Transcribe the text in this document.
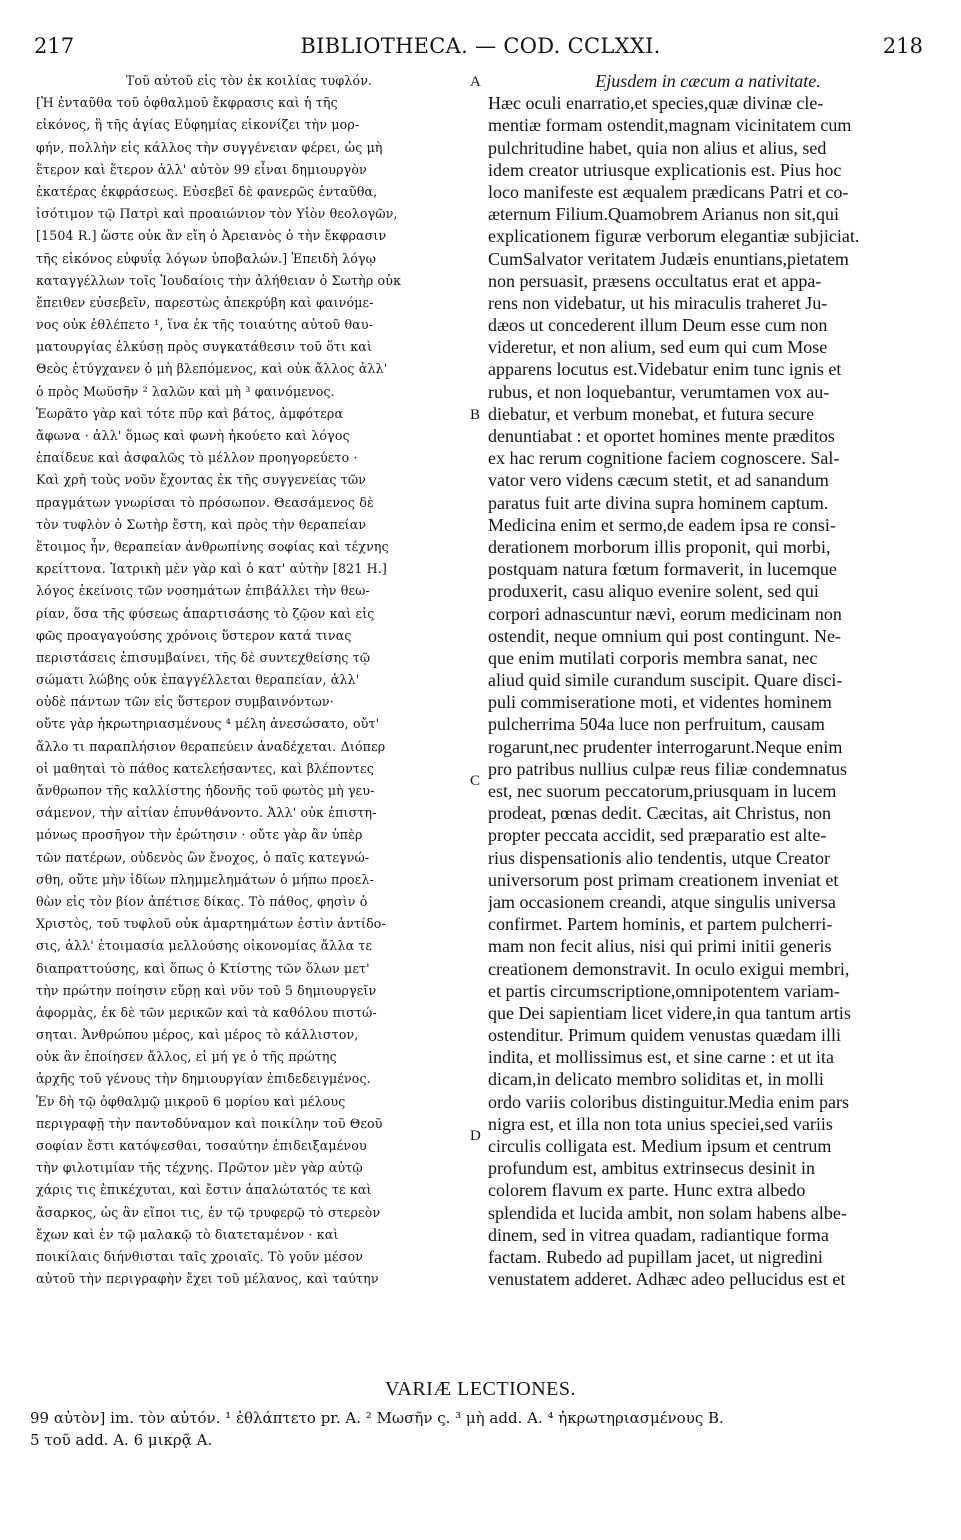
217	BIBLIOTHECA. — COD. CCLXXI.	218
Τοῦ αὐτοῦ εἰς τὸν ἐκ κοιλίας τυφλόν.
[Ἡ ἐνταῦθα τοῦ ὀφθαλμοῦ ἔκφρασις καὶ ἡ τῆς
εἰκόνος, ἣ τῆς ἁγίας Εὐφημίας εἰκονίζει τὴν μορ-
φήν, πολλὴν εἰς κάλλος τὴν συγγένειαν φέρει, ὡς μὴ
ἕτερον καὶ ἕτερον ἀλλ' αὐτὸν 99 εἶναι δημιουργὸν
ἑκατέρας ἐκφράσεως. Εὐσεβεῖ δὲ φανερῶς ἐνταῦθα,
ἰσότιμον τῷ Πατρὶ καὶ προαιώνιον τὸν Υἱὸν θεολογῶν,
[1504 R.] ὥστε οὐκ ἂν εἴη ὁ Ἀρειανὸς ὁ τὴν ἔκφρασιν
τῆς εἰκόνος εὐφυΐᾳ λόγων ὑποβαλών.] Ἐπειδὴ λόγῳ
καταγγέλλων τοῖς Ἰουδαίοις τὴν ἀλήθειαν ὁ Σωτὴρ οὐκ
ἔπειθεν εὐσεβεῖν, παρεστὼς ἀπεκρύβη καὶ φαινόμε-
νος οὐκ ἐθλέπετο ¹, ἵνα ἐκ τῆς τοιαύτης αὐτοῦ θαυ-
ματουργίας ἑλκύσῃ πρὸς συγκατάθεσιν τοῦ ὅτι καὶ
Θεὸς ἐτύγχανεν ὁ μὴ βλεπόμενος, καὶ οὐκ ἄλλος ἀλλ'
ὁ πρὸς Μωϋσῆν ² λαλῶν καὶ μὴ ³ φαινόμενος.
Ἑωρᾶτο γὰρ καὶ τότε πῦρ καὶ βάτος, ἀμφότερα
ἄφωνα · ἀλλ' ὅμως καὶ φωνὴ ἠκούετο καὶ λόγος
ἐπαίδευε καὶ ἀσφαλῶς τὸ μέλλον προηγορεύετο ·
Καὶ χρὴ τοὺς νοῦν ἔχοντας ἐκ τῆς συγγενείας τῶν
πραγμάτων γνωρίσαι τὸ πρόσωπον. Θεασάμενος δὲ
τὸν τυφλὸν ὁ Σωτὴρ ἔστη, καὶ πρὸς τὴν θεραπείαν
ἕτοιμος ἦν, θεραπείαν ἀνθρωπίνης σοφίας καὶ τέχνης
κρείττονα. Ἰατρικὴ μὲν γὰρ καὶ ὁ κατ' αὐτὴν [821 H.]
λόγος ἐκείνοις τῶν νοσημάτων ἐπιβάλλει τὴν θεω-
ρίαν, ὅσα τῆς φύσεως ἀπαρτισάσης τὸ ζῷον καὶ εἰς
φῶς προαγαγούσης χρόνοις ὕστερον κατά τινας
περιστάσεις ἐπισυμβαίνει, τῆς δὲ συντεχθείσης τῷ
σώματι λώβης οὐκ ἐπαγγέλλεται θεραπείαν, ἀλλ'
οὐδὲ πάντων τῶν εἰς ὕστερον συμβαινόντων·
οὔτε γὰρ ἠκρωτηριασμένους ⁴ μέλη ἀνεσώσατο, οὔτ'
ἄλλο τι παραπλήσιον θεραπεύειν ἀναδέχεται. Διόπερ
οἱ μαθηταὶ τὸ πάθος κατελεήσαντες, καὶ βλέποντες
ἄνθρωπον τῆς καλλίστης ἡδονῆς τοῦ φωτὸς μὴ γευ-
σάμενον, τὴν αἰτίαν ἐπυνθάνοντο. Ἀλλ' οὐκ ἐπιστη-
μόνως προσῆγον τὴν ἐρώτησιν · οὔτε γὰρ ἂν ὑπὲρ
τῶν πατέρων, οὐδενὸς ὢν ἔνοχος, ὁ παῖς κατεγνώ-
σθη, οὔτε μὴν ἰδίων πλημμελημάτων ὁ μήπω προελ-
θὼν εἰς τὸν βίον ἀπέτισε δίκας. Τὸ πάθος, φησὶν ὁ
Χριστὸς, τοῦ τυφλοῦ οὐκ ἁμαρτημάτων ἐστὶν ἀντίδο-
σις, ἀλλ' ἑτοιμασία μελλούσης οἰκονομίας ἄλλα τε
διαπραττούσης, καὶ ὅπως ὁ Κτίστης τῶν ὅλων μετ'
τὴν πρώτην ποίησιν εὕρῃ καὶ νῦν τοῦ 5 δημιουργεῖν
ἀφορμὰς, ἐκ δὲ τῶν μερικῶν καὶ τὰ καθόλου πιστώ-
σηται. Ἀνθρώπου μέρος, καὶ μέρος τὸ κάλλιστον,
οὐκ ἂν ἐποίησεν ἄλλος, εἰ μή γε ὁ τῆς πρώτης
ἀρχῆς τοῦ γένους τὴν δημιουργίαν ἐπιδεδειγμένος.
Ἐν δὴ τῷ ὀφθαλμῷ μικροῦ 6 μορίου καὶ μέλους
περιγραφῇ τὴν παντοδύναμον καὶ ποικίλην τοῦ Θεοῦ
σοφίαν ἔστι κατόψεσθαι, τοσαύτην ἐπιδειξαμένου
τὴν φιλοτιμίαν τῆς τέχνης. Πρῶτον μὲν γὰρ αὐτῷ
χάρις τις ἐπικέχυται, καὶ ἔστιν ἁπαλώτατός τε καὶ
ἄσαρκος, ὡς ἂν εἴποι τις, ἐν τῷ τρυφερῷ τὸ στερεὸν
ἔχων καὶ ἐν τῷ μαλακῷ τὸ διατεταμένον · καὶ
ποικίλαις διήνθισται ταῖς χροιαῖς. Τὸ γοῦν μέσον
αὐτοῦ τὴν περιγραφὴν ἔχει τοῦ μέλανος, καὶ ταύτην
Ejusdem in cæcum a nativitate.
Hæc oculi enarratio,et species,quæ divinæ cle-
mentiæ formam ostendit,magnam vicinitatem cum
pulchritudine habet, quia non alius et alius, sed
idem creator utriusque explicationis est. Pius hoc
loco manifeste est æqualem prædicans Patri et co-
æternum Filium.Quamobrem Arianus non sit,qui
explicationem figuræ verborum elegantiæ subjiciat.
CumSalvator veritatem Judæis enuntians,pietatem
non persuasit, præsens occultatus erat et appa-
rens non videbatur, ut his miraculis traheret Ju-
dæos ut concederent illum Deum esse cum non
videretur, et non alium, sed eum qui cum Mose
apparens locutus est.Videbatur enim tunc ignis et
rubus, et non loquebantur, verumtamen vox au-
diebatur, et verbum monebat, et futura secure
denuntiabat : et oportet homines mente præditos
ex hac rerum cognitione faciem cognoscere. Sal-
vator vero videns cæcum stetit, et ad sanandum
paratus fuit arte divina supra hominem captum.
Medicina enim et sermo,de eadem ipsa re consi-
derationem morborum illis proponit, qui morbi,
postquam natura fœtum formaverit, in lucemque
produxerit, casu aliquo evenire solent, sed qui
corpori adnascuntur nævi, eorum medicinam non
ostendit, neque omnium qui post contingunt. Ne-
que enim mutilati corporis membra sanat, nec
aliud quid simile curandum suscipit. Quare disci-
puli commiseratione moti, et videntes hominem
pulcherrima 504a luce non perfruitum, causam
rogarunt,nec prudenter interrogarunt.Neque enim
pro patribus nullius culpæ reus filiæ condemnatus
est, nec suorum peccatorum,priusquam in lucem
prodeat, pœnas dedit. Cæcitas, ait Christus, non
propter peccata accidit, sed præparatio est alte-
rius dispensationis alio tendentis, utque Creator
universorum post primam creationem inveniat et
jam occasionem creandi, atque singulis universa
confirmet. Partem hominis, et partem pulcherri-
mam non fecit alius, nisi qui primi initii generis
creationem demonstravit. In oculo exigui membri,
et partis circumscriptione,omnipotentem variam-
que Dei sapientiam licet videre,in qua tantum artis
ostenditur. Primum quidem venustas quædam illi
indita, et mollissimus est, et sine carne : et ut ita
dicam,in delicato membro soliditas et, in molli
ordo variis coloribus distinguitur.Media enim pars
nigra est, et illa non tota unius speciei,sed variis
circulis colligata est. Medium ipsum et centrum
profundum est, ambitus extrinsecus desinit in
colorem flavum ex parte. Hunc extra albedo
splendida et lucida ambit, non solam habens albe-
dinem, sed in vitrea quadam, radiantique forma
factam. Rubedo ad pupillam jacet, ut nigredini
venustatem adderet. Adhæc adeo pellucidus est et
A
B
C
D
VARIÆ LECTIONES.
99 αὐτὸν] im. τὸν αὐτόν. ¹ ἐθλάπτετο pr. A. ² Μωσῆν ς. ³ μὴ add. A. ⁴ ἠκρωτηριασμένους B.
5 τοῦ add. A. 6 μικρᾷ A.
